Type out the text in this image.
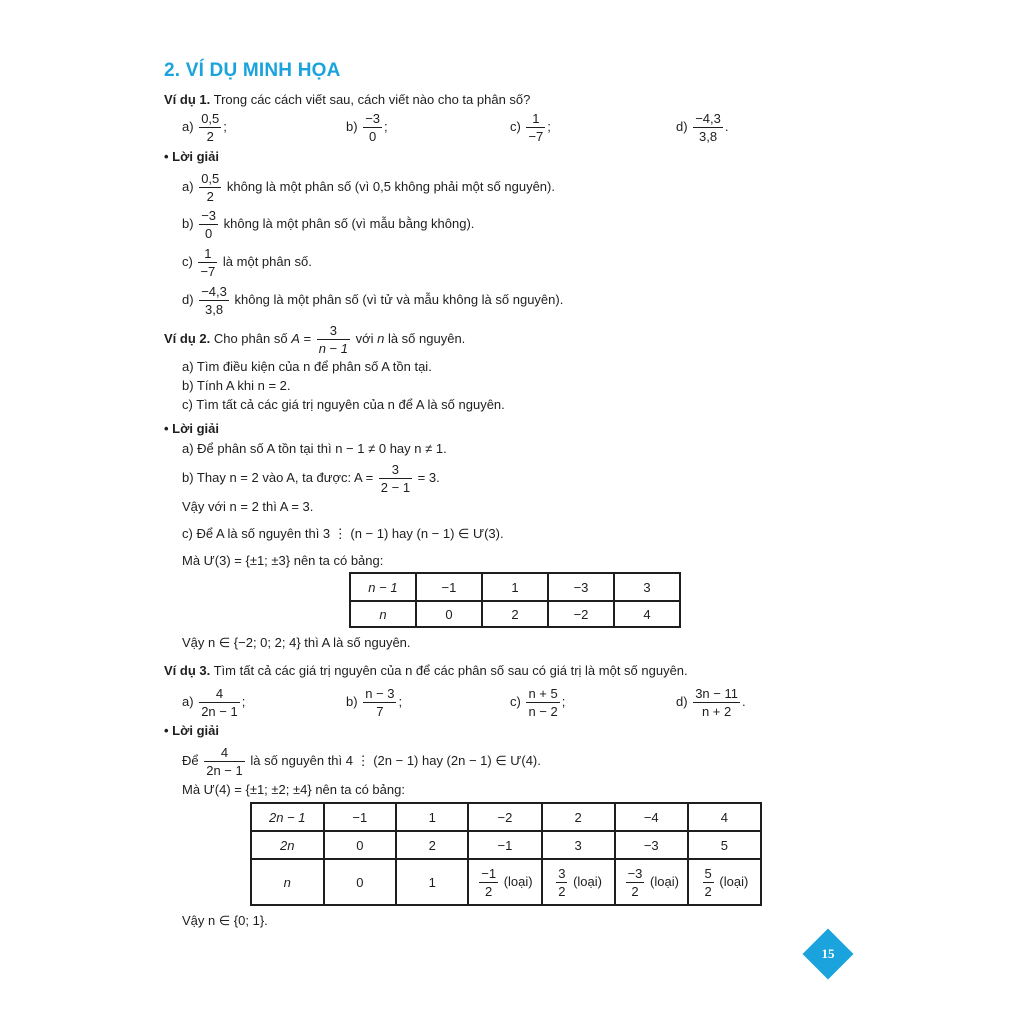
2. VÍ DỤ MINH HỌA
Ví dụ 1. Trong các cách viết sau, cách viết nào cho ta phân số?
$a) \frac{0,5}{2}$ ;	$b) \frac{-3}{0}$ ;	$c) \frac{1}{-7}$ ;	$d) \frac{-4,3}{3,8}$ .
• Lời giải
$a) \frac{0,5}{2}$ không là một phân số (vì 0,5 không phải một số nguyên).
$b) \frac{-3}{0}$ không là một phân số (vì mẫu bằng không).
$c) \frac{1}{-7}$ là một phân số.
$d) \frac{-4,3}{3,8}$ không là một phân số (vì tử và mẫu không là số nguyên).
Ví dụ 2. Cho phân số $A = \frac{3}{n - 1}$ với n là số nguyên.
a) Tìm điều kiện của n để phân số A tồn tại.
b) Tính A khi n = 2.
c) Tìm tất cả các giá trị nguyên của n để A là số nguyên.
• Lời giải
a) Để phân số A tồn tại thì n − 1 ≠ 0 hay n ≠ 1.
b) Thay n = 2 vào A, ta được: $A = \frac{3}{2 - 1} = 3$.
Vậy với n = 2 thì A = 3.
c) Để A là số nguyên thì 3 ⋮ (n − 1) hay (n − 1) ∈ Ư(3).
Mà Ư(3) = {±1; ±3} nên ta có bảng:
n − 1	−1	1	−3	3
n	0	2	−2	4
Vậy n ∈ {−2; 0; 2; 4} thì A là số nguyên.
Ví dụ 3. Tìm tất cả các giá trị nguyên của n để các phân số sau có giá trị là một số nguyên.
$a) \frac{4}{2n - 1}$ ;	$b) \frac{n - 3}{7}$ ;	$c) \frac{n + 5}{n - 2}$ ;	$d) \frac{3n - 11}{n + 2}$ .
• Lời giải
Để $\frac{4}{2n - 1}$ là số nguyên thì 4 ⋮ (2n − 1) hay (2n − 1) ∈ Ư(4).
Mà Ư(4) = {±1; ±2; ±4} nên ta có bảng:
2n − 1	−1	1	−2	2	−4	4
2n	0	2	−1	3	−3	5
n	0	1	$\frac{-1}{2}$ (loại)	$\frac{3}{2}$ (loại)	$\frac{-3}{2}$ (loại)	$\frac{5}{2}$ (loại)
Vậy n ∈ {0; 1}.
15
